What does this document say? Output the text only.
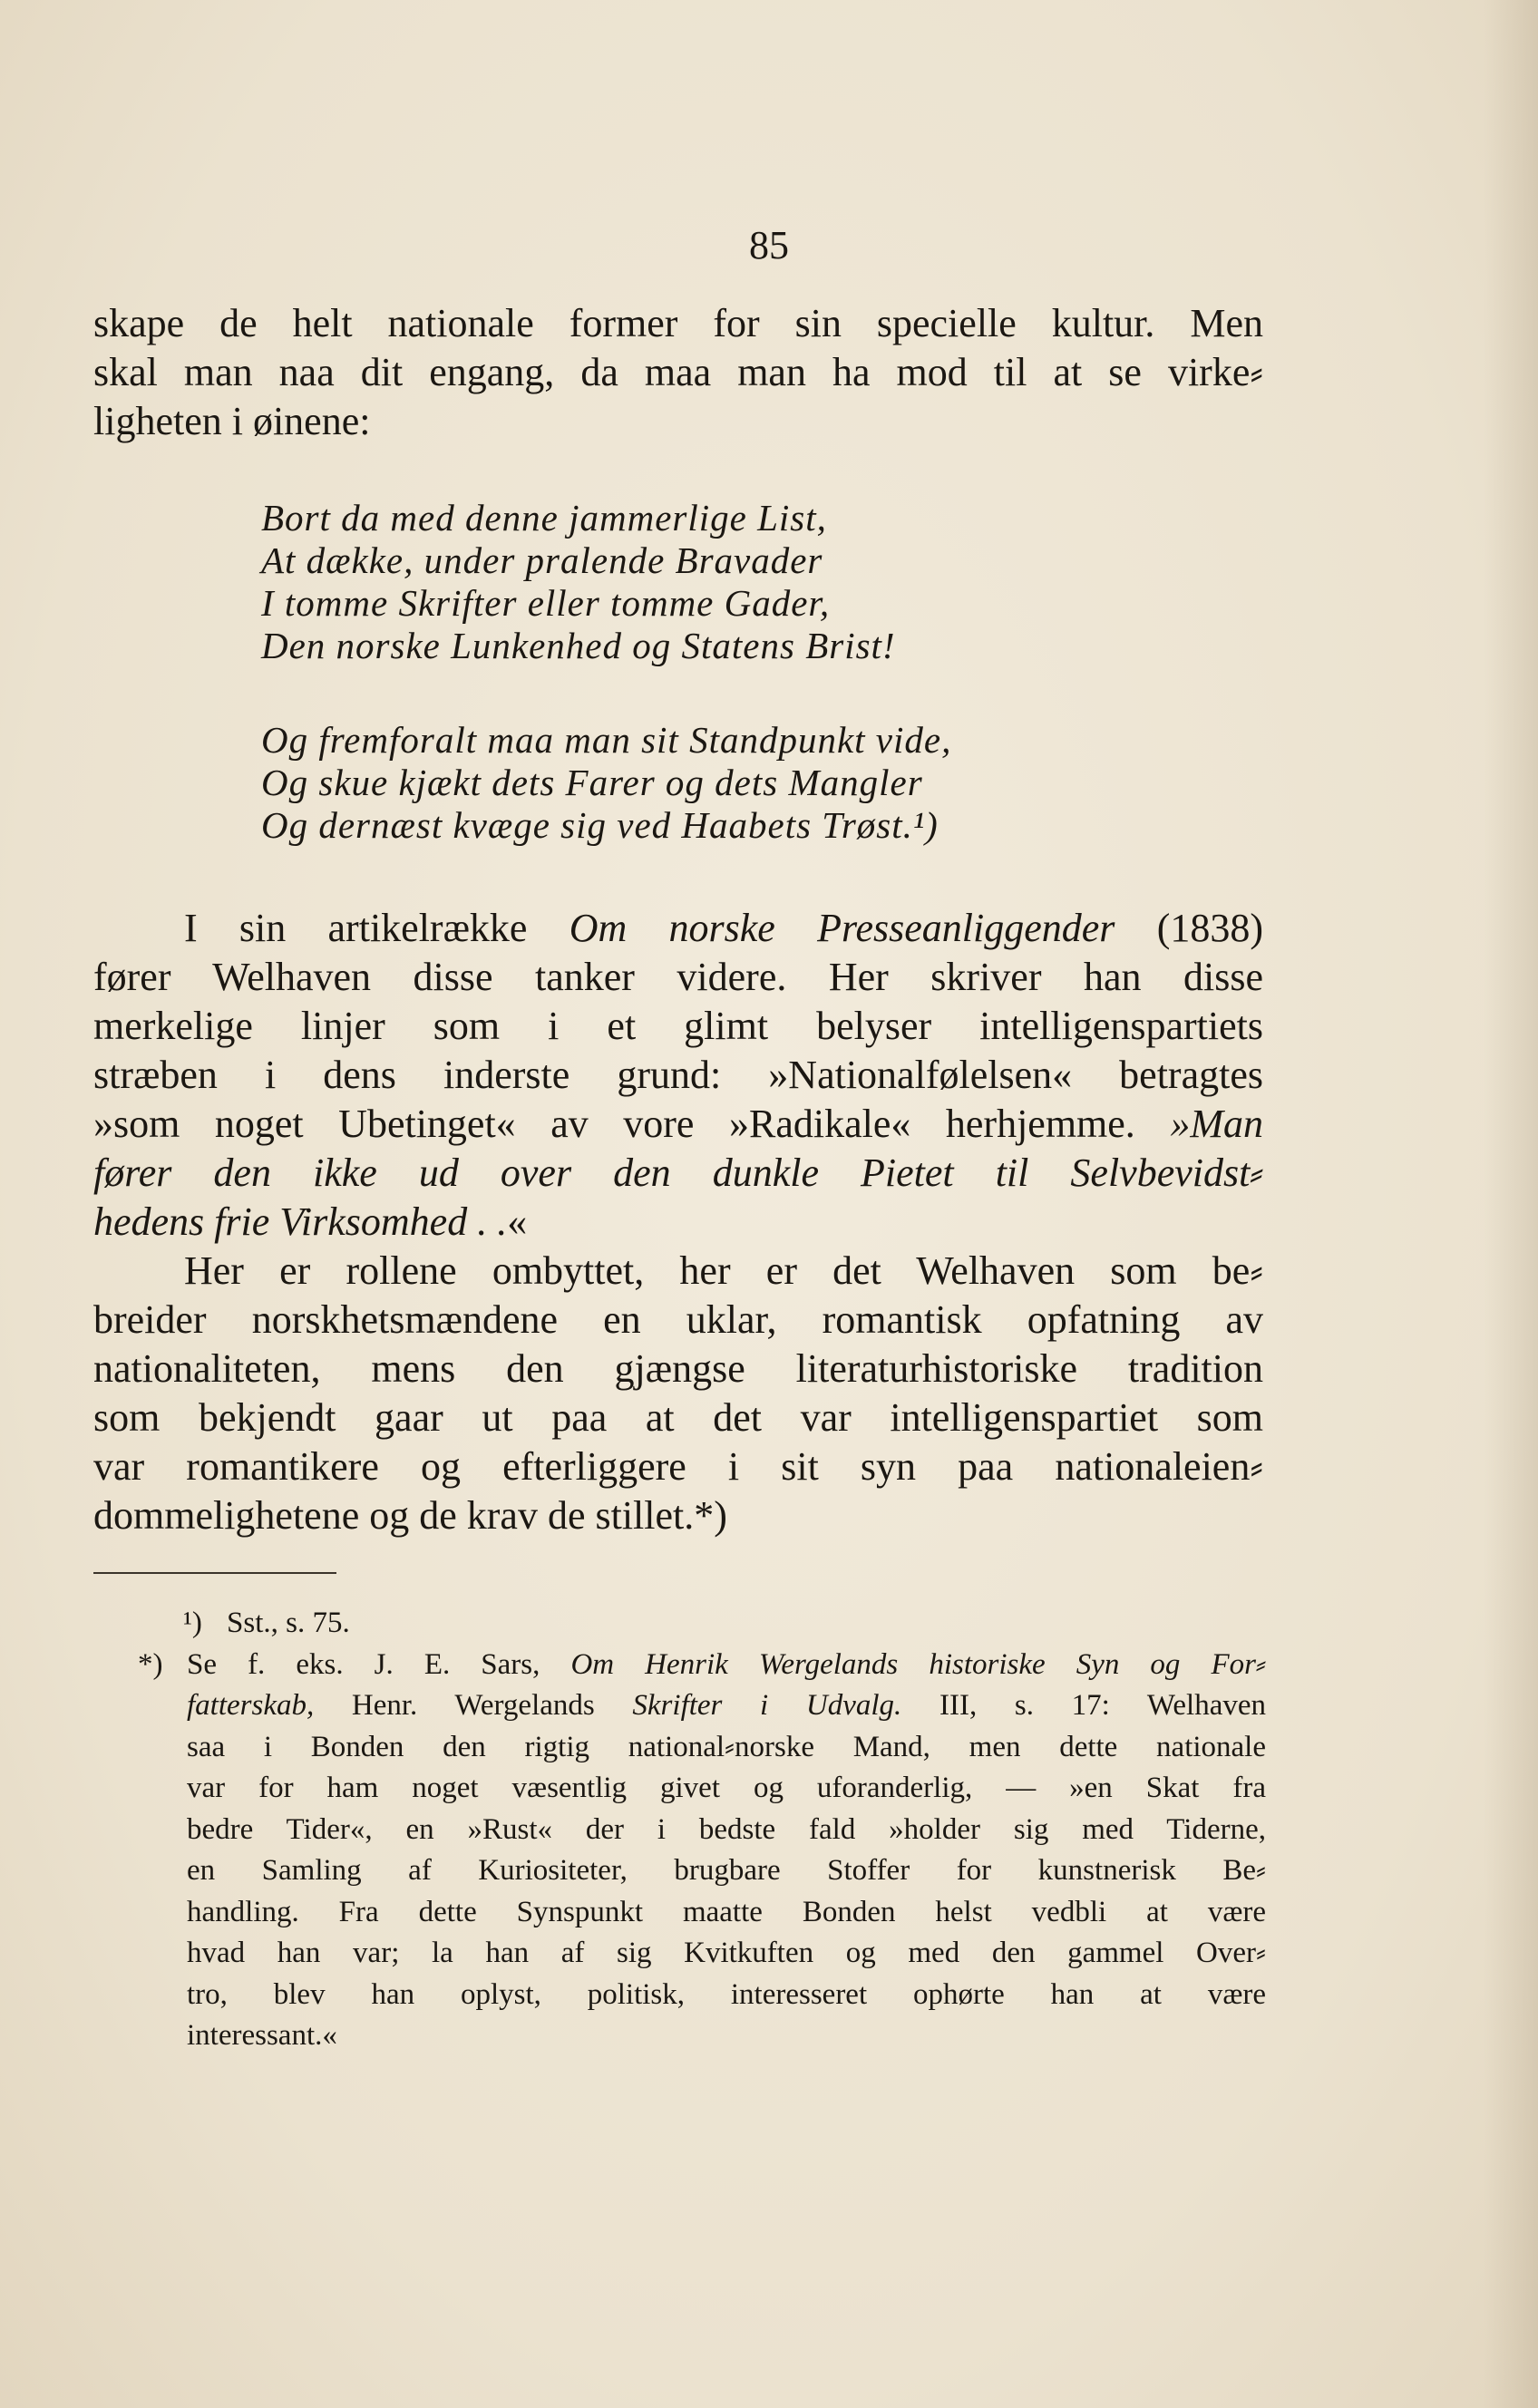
85
skape de helt nationale former for sin specielle kultur. Men
skal man naa dit engang, da maa man ha mod til at se virke⸗
ligheten i øinene:
Bort da med denne jammerlige List,
At dække, under pralende Bravader
I tomme Skrifter eller tomme Gader,
Den norske Lunkenhed og Statens Brist!
Og fremforalt maa man sit Standpunkt vide,
Og skue kjækt dets Farer og dets Mangler
Og dernæst kvæge sig ved Haabets Trøst.¹)
I sin artikelrække Om norske Presseanliggender (1838)
fører Welhaven disse tanker videre. Her skriver han disse
merkelige linjer som i et glimt belyser intelligenspartiets
stræben i dens inderste grund: »Nationalfølelsen« betragtes
»som noget Ubetinget« av vore »Radikale« herhjemme. »Man
fører den ikke ud over den dunkle Pietet til Selvbevidst⸗
hedens frie Virksomhed . .«
Her er rollene ombyttet, her er det Welhaven som be⸗
breider norskhetsmændene en uklar, romantisk opfatning av
nationaliteten, mens den gjængse literaturhistoriske tradition
som bekjendt gaar ut paa at det var intelligenspartiet som
var romantikere og efterliggere i sit syn paa nationaleien⸗
dommelighetene og de krav de stillet.*)
¹) Sst., s. 75.
*) Se f. eks. J. E. Sars, Om Henrik Wergelands historiske Syn og For⸗
fatterskab, Henr. Wergelands Skrifter i Udvalg. III, s. 17: Welhaven
saa i Bonden den rigtig national⸗norske Mand, men dette nationale
var for ham noget væsentlig givet og uforanderlig, — »en Skat fra
bedre Tider«, en »Rust« der i bedste fald »holder sig med Tiderne,
en Samling af Kuriositeter, brugbare Stoffer for kunstnerisk Be⸗
handling. Fra dette Synspunkt maatte Bonden helst vedbli at være
hvad han var; la han af sig Kvitkuften og med den gammel Over⸗
tro, blev han oplyst, politisk, interesseret ophørte han at være
interessant.«
